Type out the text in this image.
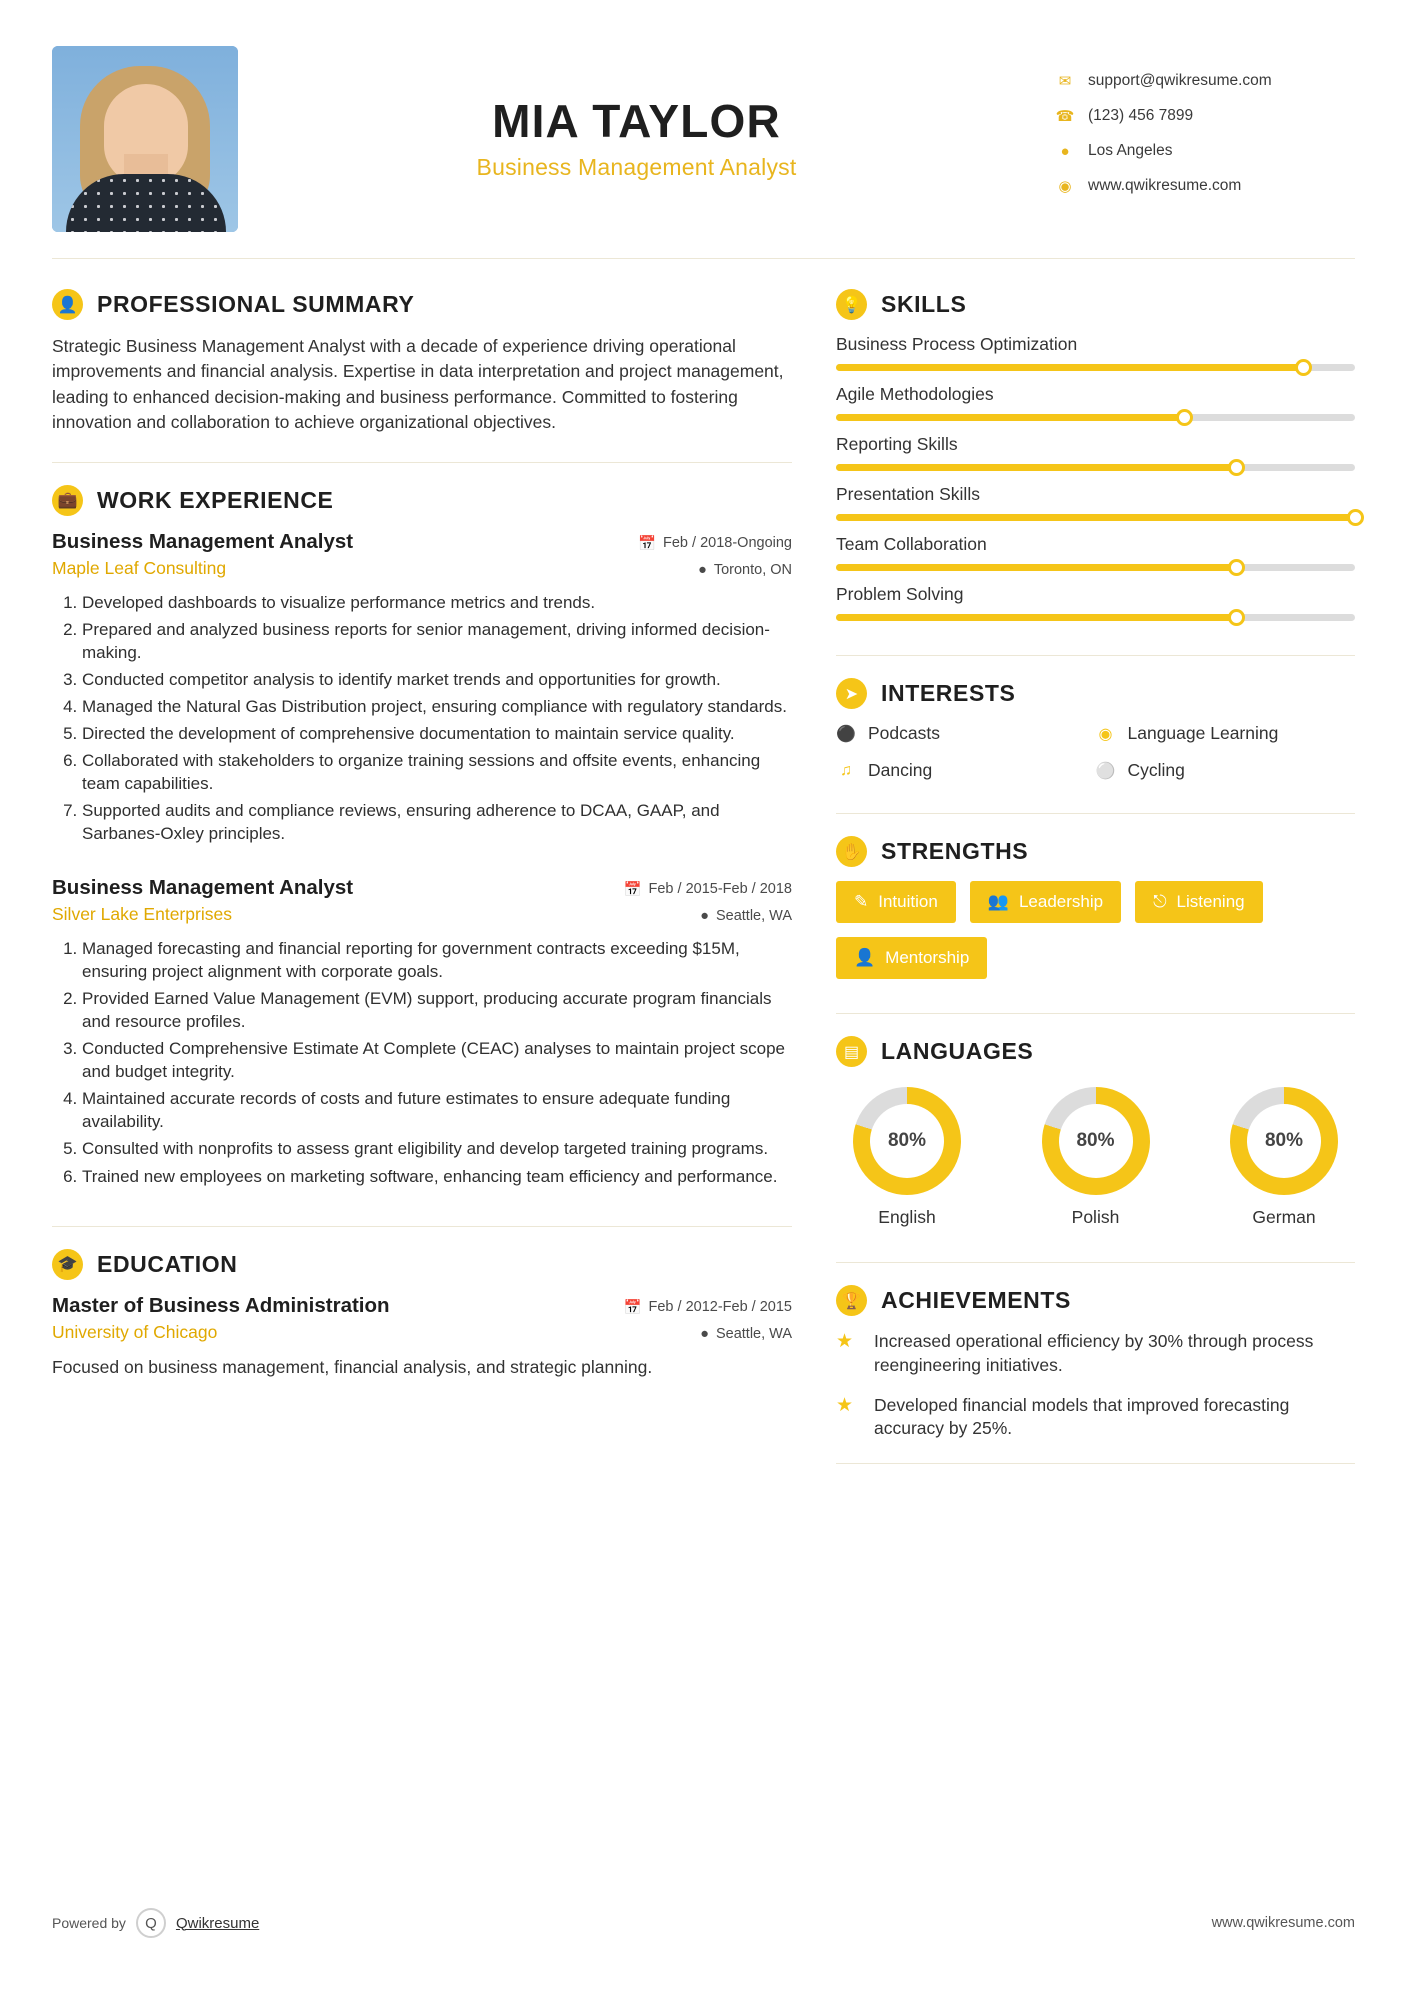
MIA TAYLOR
Business Management Analyst
✉ support@qwikresume.com
☎ (123) 456 7899
●	Los Angeles
◉ www.qwikresume.com
👤 PROFESSIONAL SUMMARY
Strategic Business Management Analyst with a decade of experience driving operational improvements and financial analysis. Expertise in data interpretation and project management, leading to enhanced decision-making and business performance. Committed to fostering innovation and collaboration to achieve organizational objectives.
💼 WORK EXPERIENCE
Business Management Analyst	📅 Feb / 2018-Ongoing
Maple Leaf Consulting	● Toronto, ON
1. Developed dashboards to visualize performance metrics and trends.
2. Prepared and analyzed business reports for senior management, driving informed decision-making.
3. Conducted competitor analysis to identify market trends and opportunities for growth.
4. Managed the Natural Gas Distribution project, ensuring compliance with regulatory standards.
5. Directed the development of comprehensive documentation to maintain service quality.
6. Collaborated with stakeholders to organize training sessions and offsite events, enhancing team capabilities.
7. Supported audits and compliance reviews, ensuring adherence to DCAA, GAAP, and Sarbanes-Oxley principles.
Business Management Analyst	📅 Feb / 2015-Feb / 2018
Silver Lake Enterprises	● Seattle, WA
1. Managed forecasting and financial reporting for government contracts exceeding $15M, ensuring project alignment with corporate goals.
2. Provided Earned Value Management (EVM) support, producing accurate program financials and resource profiles.
3. Conducted Comprehensive Estimate At Complete (CEAC) analyses to maintain project scope and budget integrity.
4. Maintained accurate records of costs and future estimates to ensure adequate funding availability.
5. Consulted with nonprofits to assess grant eligibility and develop targeted training programs.
6. Trained new employees on marketing software, enhancing team efficiency and performance.
🎓 EDUCATION
Master of Business Administration	📅 Feb / 2012-Feb / 2015
University of Chicago	● Seattle, WA
Focused on business management, financial analysis, and strategic planning.
💡 SKILLS
Business Process Optimization
Agile Methodologies
Reporting Skills
Presentation Skills
Team Collaboration
Problem Solving
➤ INTERESTS
⚫ Podcasts	◉ Language Learning
♫ Dancing	⚪ Cycling
✋ STRENGTHS
✎ Intuition	👥 Leadership	⎋ Listening
👤 Mentorship
▤ LANGUAGES
80%
English
80%
Polish
80%
German
🏆 ACHIEVEMENTS
★	Increased operational efficiency by 30% through process reengineering initiatives.
★	Developed financial models that improved forecasting accuracy by 25%.
Powered by	Q	Qwikresume	www.qwikresume.com
